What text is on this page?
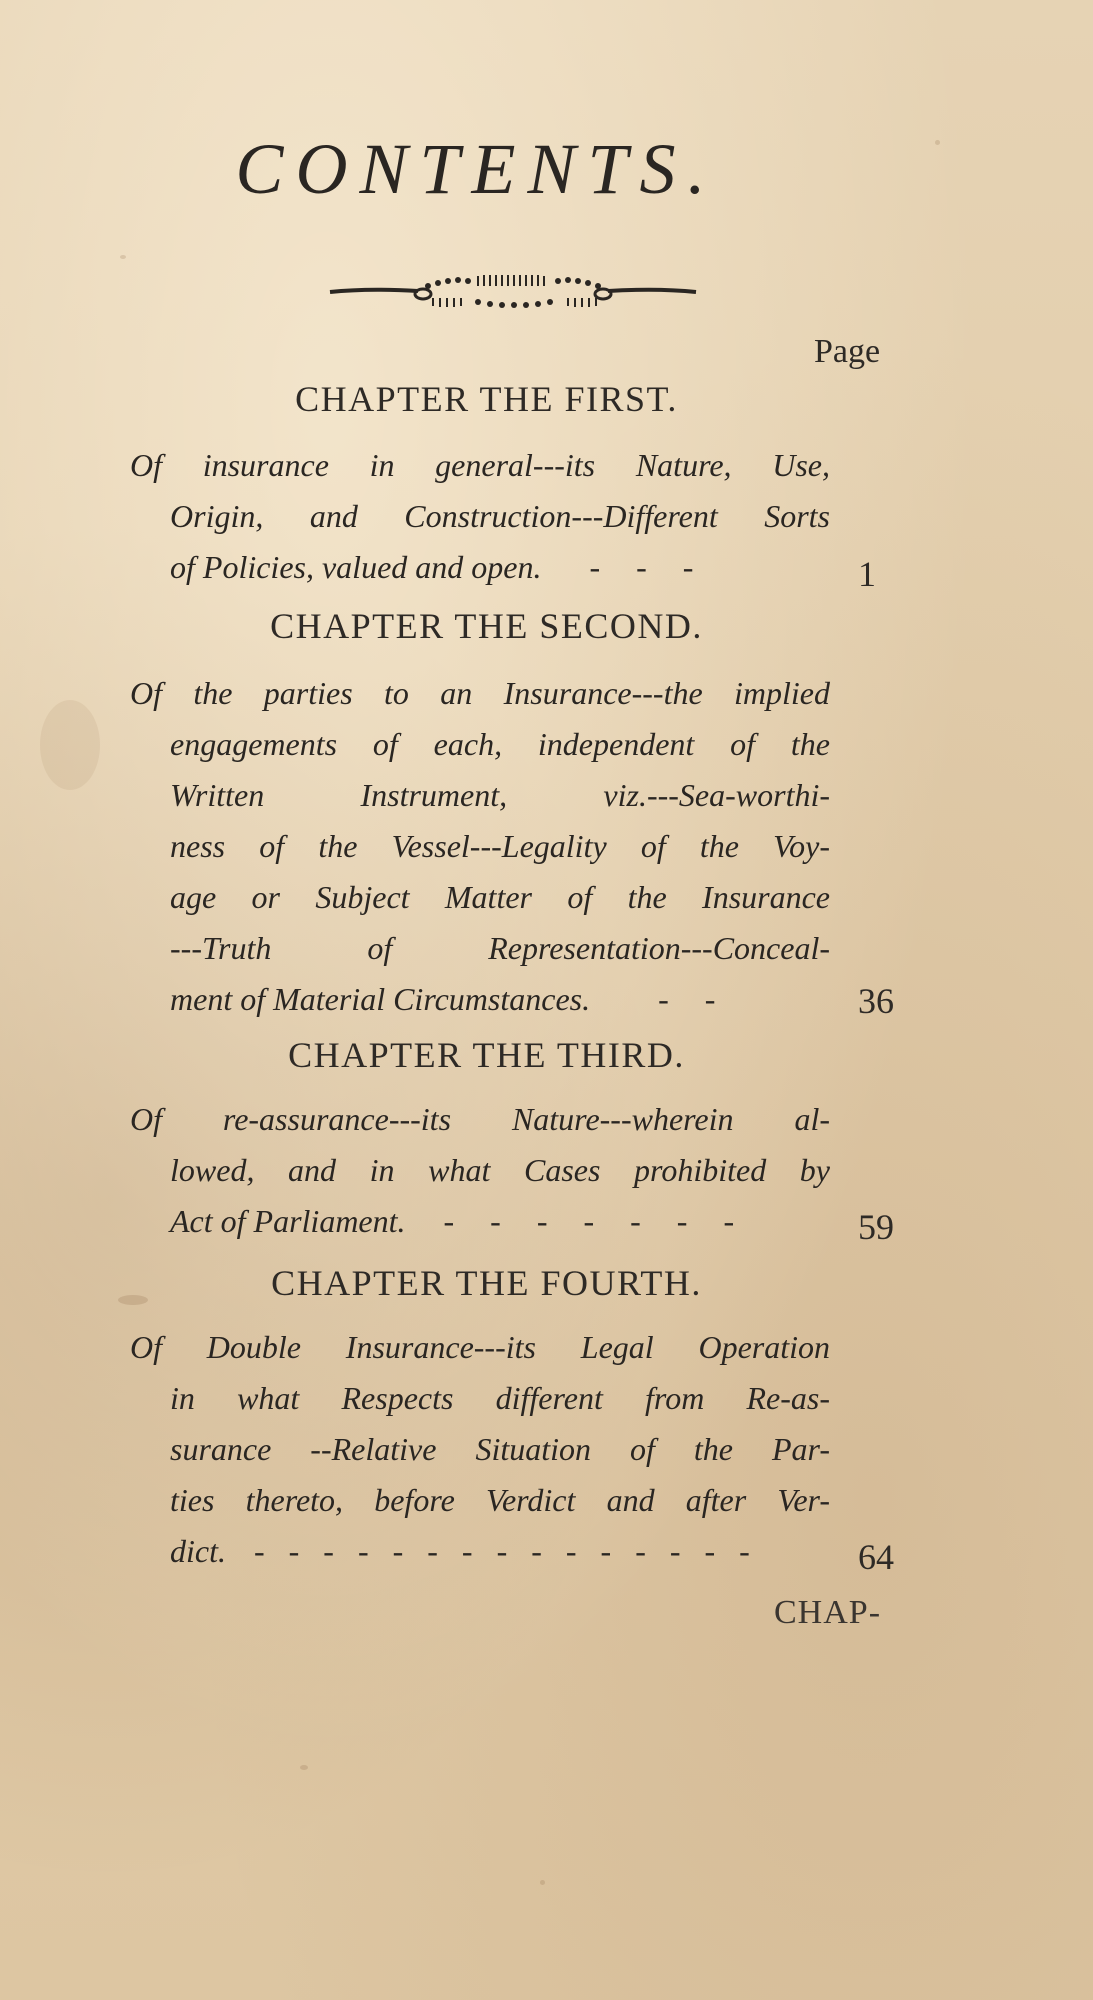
CONTENTS.
Page
CHAPTER THE FIRST.
Of insurance in general---its Nature, Use,
Origin, and Construction---Different Sorts
of Policies, valued and open. - - -	1
CHAPTER THE SECOND.
Of the parties to an Insurance---the implied
engagements of each, independent of the
Written Instrument, viz.---Sea-worthi-
ness of the Vessel---Legality of the Voy-
age or Subject Matter of the Insurance
---Truth of Representation---Conceal-
ment of Material Circumstances. - -	36
CHAPTER THE THIRD.
Of re-assurance---its Nature---wherein al-
lowed, and in what Cases prohibited by
Act of Parliament. - - - - - - -	59
CHAPTER THE FOURTH.
Of Double Insurance---its Legal Operation
in what Respects different from Re-as-
surance --Relative Situation of the Par-
ties thereto, before Verdict and after Ver-
dict. - - - - - - - - - - - - - - -	64
CHAP-
